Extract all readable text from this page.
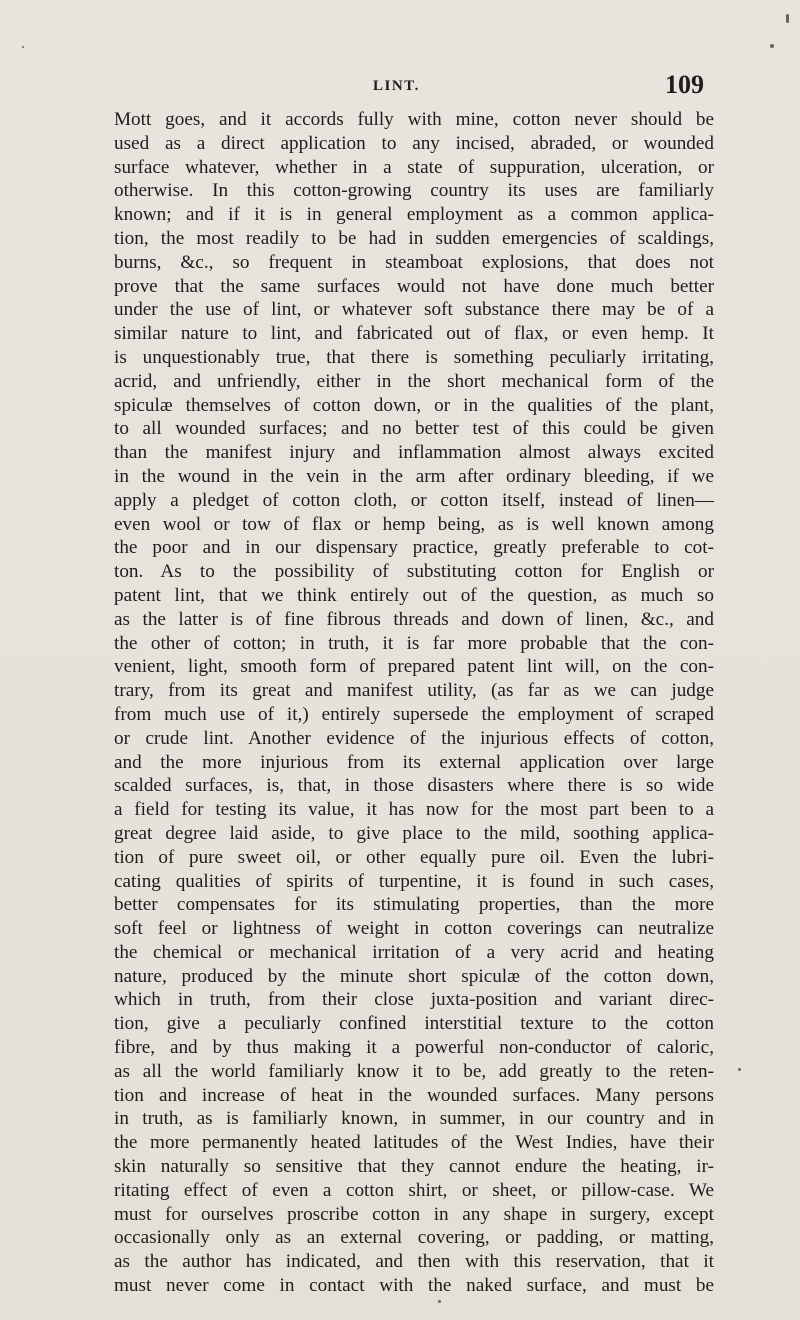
LINT.	109
Mott goes, and it accords fully with mine, cotton never should be
used as a direct application to any incised, abraded, or wounded
surface whatever, whether in a state of suppuration, ulceration, or
otherwise. In this cotton-growing country its uses are familiarly
known; and if it is in general employment as a common applica-
tion, the most readily to be had in sudden emergencies of scaldings,
burns, &c., so frequent in steamboat explosions, that does not
prove that the same surfaces would not have done much better
under the use of lint, or whatever soft substance there may be of a
similar nature to lint, and fabricated out of flax, or even hemp. It
is unquestionably true, that there is something peculiarly irritating,
acrid, and unfriendly, either in the short mechanical form of the
spiculæ themselves of cotton down, or in the qualities of the plant,
to all wounded surfaces; and no better test of this could be given
than the manifest injury and inflammation almost always excited
in the wound in the vein in the arm after ordinary bleeding, if we
apply a pledget of cotton cloth, or cotton itself, instead of linen—
even wool or tow of flax or hemp being, as is well known among
the poor and in our dispensary practice, greatly preferable to cot-
ton. As to the possibility of substituting cotton for English or
patent lint, that we think entirely out of the question, as much so
as the latter is of fine fibrous threads and down of linen, &c., and
the other of cotton; in truth, it is far more probable that the con-
venient, light, smooth form of prepared patent lint will, on the con-
trary, from its great and manifest utility, (as far as we can judge
from much use of it,) entirely supersede the employment of scraped
or crude lint. Another evidence of the injurious effects of cotton,
and the more injurious from its external application over large
scalded surfaces, is, that, in those disasters where there is so wide
a field for testing its value, it has now for the most part been to a
great degree laid aside, to give place to the mild, soothing applica-
tion of pure sweet oil, or other equally pure oil. Even the lubri-
cating qualities of spirits of turpentine, it is found in such cases,
better compensates for its stimulating properties, than the more
soft feel or lightness of weight in cotton coverings can neutralize
the chemical or mechanical irritation of a very acrid and heating
nature, produced by the minute short spiculæ of the cotton down,
which in truth, from their close juxta-position and variant direc-
tion, give a peculiarly confined interstitial texture to the cotton
fibre, and by thus making it a powerful non-conductor of caloric,
as all the world familiarly know it to be, add greatly to the reten-
tion and increase of heat in the wounded surfaces. Many persons
in truth, as is familiarly known, in summer, in our country and in
the more permanently heated latitudes of the West Indies, have their
skin naturally so sensitive that they cannot endure the heating, ir-
ritating effect of even a cotton shirt, or sheet, or pillow-case. We
must for ourselves proscribe cotton in any shape in surgery, except
occasionally only as an external covering, or padding, or matting,
as the author has indicated, and then with this reservation, that it
must never come in contact with the naked surface, and must be
